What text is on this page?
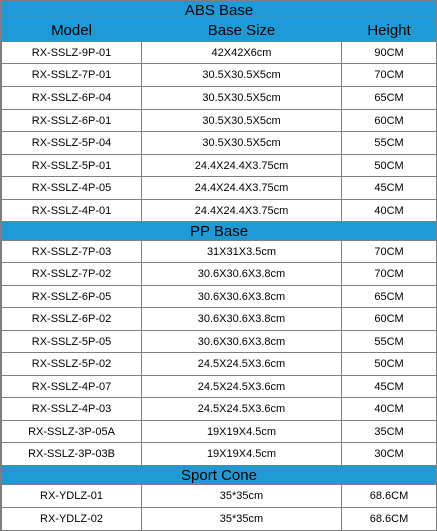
ABS Base		
Model	Base Size	Height
RX-SSLZ-9P-01	42X42X6cm	90CM
RX-SSLZ-7P-01	30.5X30.5X5cm	70CM
RX-SSLZ-6P-04	30.5X30.5X5cm	65CM
RX-SSLZ-6P-01	30.5X30.5X5cm	60CM
RX-SSLZ-5P-04	30.5X30.5X5cm	55CM
RX-SSLZ-5P-01	24.4X24.4X3.75cm	50CM
RX-SSLZ-4P-05	24.4X24.4X3.75cm	45CM
RX-SSLZ-4P-01	24.4X24.4X3.75cm	40CM
PP Base		
RX-SSLZ-7P-03	31X31X3.5cm	70CM
RX-SSLZ-7P-02	30.6X30.6X3.8cm	70CM
RX-SSLZ-6P-05	30.6X30.6X3.8cm	65CM
RX-SSLZ-6P-02	30.6X30.6X3.8cm	60CM
RX-SSLZ-5P-05	30.6X30.6X3.8cm	55CM
RX-SSLZ-5P-02	24.5X24.5X3.6cm	50CM
RX-SSLZ-4P-07	24.5X24.5X3.6cm	45CM
RX-SSLZ-4P-03	24.5X24.5X3.6cm	40CM
RX-SSLZ-3P-05A	19X19X4.5cm	35CM
RX-SSLZ-3P-03B	19X19X4.5cm	30CM
Sport Cone		
RX-YDLZ-01	35*35cm	68.6CM
RX-YDLZ-02	35*35cm	68.6CM
